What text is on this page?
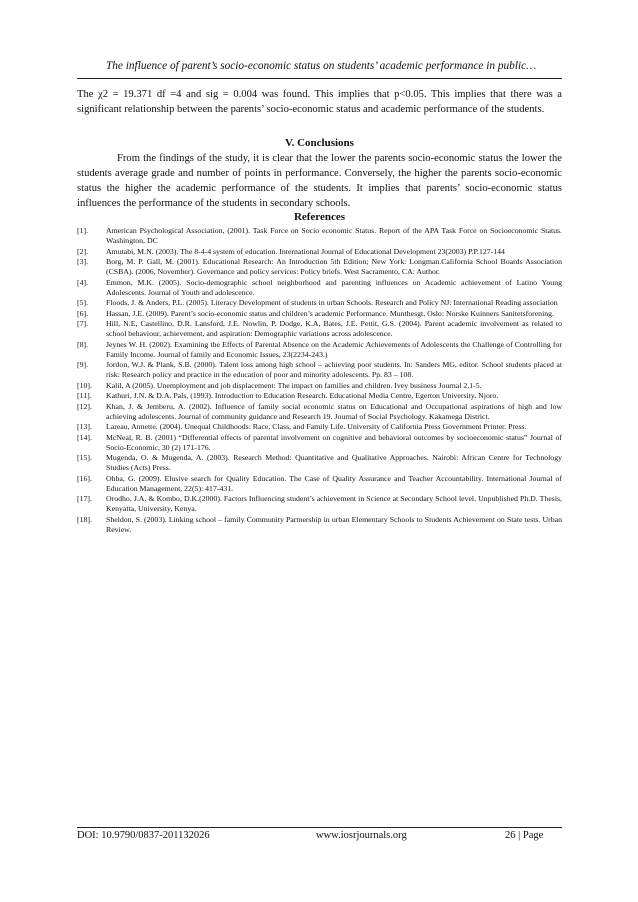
The influence of parent’s socio-economic status on students’ academic performance in public…
The χ2 = 19.371 df =4 and sig = 0.004 was found. This implies that p<0.05. This implies that there was a significant relationship between the parents’ socio-economic status and academic performance of the students.
V. Conclusions
From the findings of the study, it is clear that the lower the parents socio-economic status the lower the students average grade and number of points in performance. Conversely, the higher the parents socio-economic status the higher the academic performance of the students. It implies that parents’ socio-economic status influences the performance of the students in secondary schools.
References
[1].	American Psychological Association, (2001). Task Force on Socio economic Status. Report of the APA Task Force on Socioeconomic Status. Washington, DC
[2].	Amutabi, M.N. (2003). The 8-4-4 system of education. International Journal of Educational Development 23(2003) P.P.127-144
[3].	Borg, M. P. Gall, M. (2001). Educational Research: An Introduction 5th Edition; New York: Longman.California School Boards Association (CSBA). (2006, November). Governance and policy services: Policy briefs. West Sacramento, CA: Author.
[4].	Emmon, M.K. (2005). Socio-demographic school neighborhood and parenting influences on Academic achievement of Latino Young Adolescents. Journal of Youth and adolescence.
[5].	Floods, J. & Anders, P.L. (2005). Literacy Development of students in urban Schools. Research and Policy NJ: International Reading association
[6].	Hassan, J.E. (2009). Parent’s socio-economic status and children’s academic Performance. Munthesgt, Oslo: Norske Kuinners Sanitetsforening.
[7].	Hill, N.E, Castellino, D.R. Lansford, J.E. Nowlin, P, Dodge, K.A, Bates, J.E. Pettit, G.S. (2004). Parent academic involvement as related to school behaviour, achievement, and aspiration: Demographic variations across adolescence.
[8].	Jeynes W. H. (2002). Examining the Effects of Parental Absence on the Academic Achievements of Adolescents the Challenge of Controlling for Family Income. Journal of family and Economic Issues, 23(2234-243.)
[9].	Jordon, W.J. & Plank, S.B. (2000). Talent loss among high school – achieving poor students. In: Sanders MG, editor. School students placed at risk: Research policy and practice in the education of poor and minority adolescents. Pp. 83 – 108.
[10].	Kalil, A (2005). Unemployment and job displacement: The impact on families and children. Ivey business Journal 2,1-5.
[11].	Kathuri, J.N. & D.A. Pals, (1993). Introduction to Education Research. Educational Media Centre, Egerton University, Njoro.
[12].	Khan, J. & Jemberu, A. (2002). Influence of family social economic status on Educational and Occupational aspirations of high and low achieving adolescents. Journal of community guidance and Research 19. Journal of Social Psychology. Kakamega District.
[13].	Lareau, Annette. (2004). Unequal Childhoods: Race, Class, and Family Life. University of California Press Government Printer. Press.
[14].	McNeal, R. B. (2001) “Differential effects of parental involvement on cognitive and behavioral outcomes by socioeconomic status” Journal of Socio-Economic, 30 (2) 171-176.
[15].	Mugenda, O. & Mugenda, A. (2003). Research Method: Quantitative and Qualitative Approaches. Nairobi: African Centre for Technology Studies (Acts) Press.
[16].	Ohba, G. (2009). Elusive search for Quality Education. The Case of Quality Assurance and Teacher Accountability. International Journal of Education Management, 22(5): 417-431.
[17].	Orodho, J.A. & Kombo, D.K.(2000). Factors Influencing student’s achievement in Science at Secondary School level. Unpublished Ph.D. Thesis, Kenyatta, University, Kenya.
[18].	Sheldon, S. (2003). Linking school – family Community Partnership in urban Elementary Schools to Students Achievement on State tests. Urban Review.
DOI: 10.9790/0837-201132026	www.iosrjournals.org	26 | Page
